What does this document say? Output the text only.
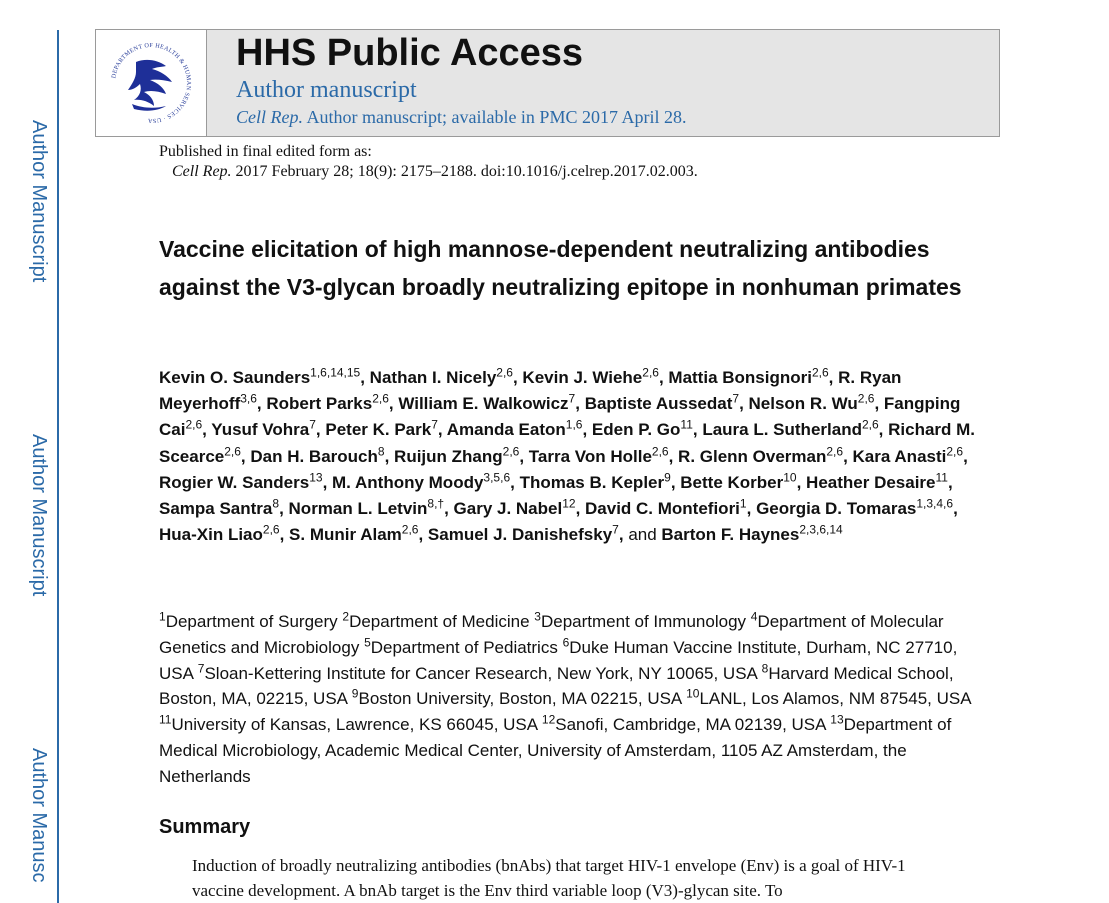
Author Manuscript
Author Manuscript
Author Manusc
DEPARTMENT OF HEALTH & HUMAN SERVICES · USA
HHS Public Access
Author manuscript
Cell Rep. Author manuscript; available in PMC 2017 April 28.
Published in final edited form as:
Cell Rep. 2017 February 28; 18(9): 2175–2188. doi:10.1016/j.celrep.2017.02.003.
Vaccine elicitation of high mannose-dependent neutralizing antibodies against the V3-glycan broadly neutralizing epitope in nonhuman primates
Kevin O. Saunders$^{1,6,14,15}$, Nathan I. Nicely$^{2,6}$, Kevin J. Wiehe$^{2,6}$, Mattia Bonsignori$^{2,6}$, R. Ryan Meyerhoff$^{3,6}$, Robert Parks$^{2,6}$, William E. Walkowicz$^7$, Baptiste Aussedat$^7$, Nelson R. Wu$^{2,6}$, Fangping Cai$^{2,6}$, Yusuf Vohra$^7$, Peter K. Park$^7$, Amanda Eaton$^{1,6}$, Eden P. Go$^{11}$, Laura L. Sutherland$^{2,6}$, Richard M. Scearce$^{2,6}$, Dan H. Barouch$^8$, Ruijun Zhang$^{2,6}$, Tarra Von Holle$^{2,6}$, R. Glenn Overman$^{2,6}$, Kara Anasti$^{2,6}$, Rogier W. Sanders$^{13}$, M. Anthony Moody$^{3,5,6}$, Thomas B. Kepler$^9$, Bette Korber$^{10}$, Heather Desaire$^{11}$, Sampa Santra$^8$, Norman L. Letvin$^{8,\dagger}$, Gary J. Nabel$^{12}$, David C. Montefiori$^1$, Georgia D. Tomaras$^{1,3,4,6}$, Hua-Xin Liao$^{2,6}$, S. Munir Alam$^{2,6}$, Samuel J. Danishefsky$^7$, and Barton F. Haynes$^{2,3,6,14}$
$^1$Department of Surgery $^2$Department of Medicine $^3$Department of Immunology $^4$Department of Molecular Genetics and Microbiology $^5$Department of Pediatrics $^6$Duke Human Vaccine Institute, Durham, NC 27710, USA $^7$Sloan-Kettering Institute for Cancer Research, New York, NY 10065, USA $^8$Harvard Medical School, Boston, MA, 02215, USA $^9$Boston University, Boston, MA 02215, USA $^{10}$LANL, Los Alamos, NM 87545, USA $^{11}$University of Kansas, Lawrence, KS 66045, USA $^{12}$Sanofi, Cambridge, MA 02139, USA $^{13}$Department of Medical Microbiology, Academic Medical Center, University of Amsterdam, 1105 AZ Amsterdam, the Netherlands
Summary
Induction of broadly neutralizing antibodies (bnAbs) that target HIV-1 envelope (Env) is a goal of HIV-1 vaccine development. A bnAb target is the Env third variable loop (V3)-glycan site. To
